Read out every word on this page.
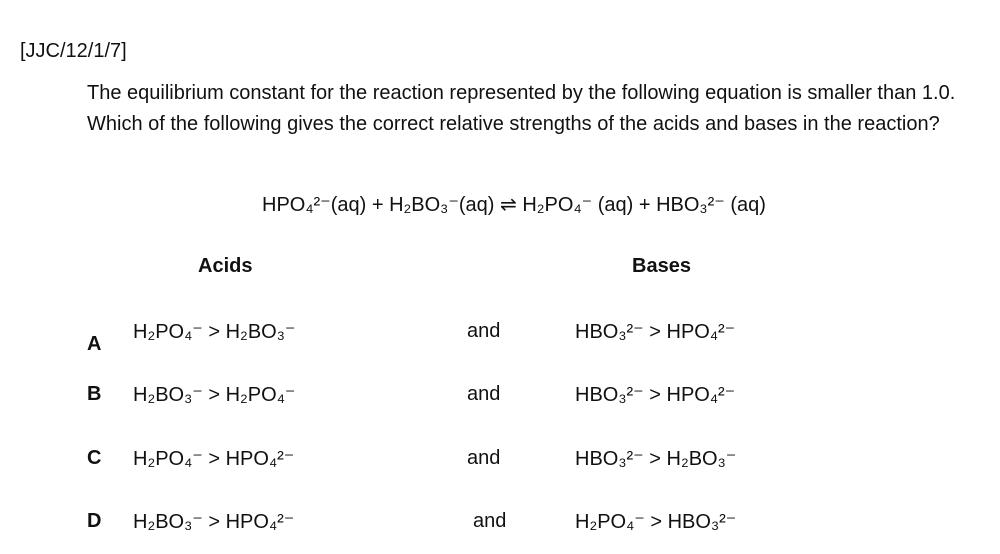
[JJC/12/1/7]
The equilibrium constant for the reaction represented by the following equation is smaller than 1.0. Which of the following gives the correct relative strengths of the acids and bases in the reaction?
HPO₄²⁻(aq) + H₂BO₃⁻(aq) ⇌ H₂PO₄⁻ (aq) + HBO₃²⁻ (aq)
Acids	Bases
A
H₂PO₄⁻ > H₂BO₃⁻	and	HBO₃²⁻ > HPO₄²⁻
B H₂BO₃⁻ > H₂PO₄⁻	and	HBO₃²⁻ > HPO₄²⁻
C H₂PO₄⁻ > HPO₄²⁻	and	HBO₃²⁻ > H₂BO₃⁻
D H₂BO₃⁻ > HPO₄²⁻	and	H₂PO₄⁻ > HBO₃²⁻
